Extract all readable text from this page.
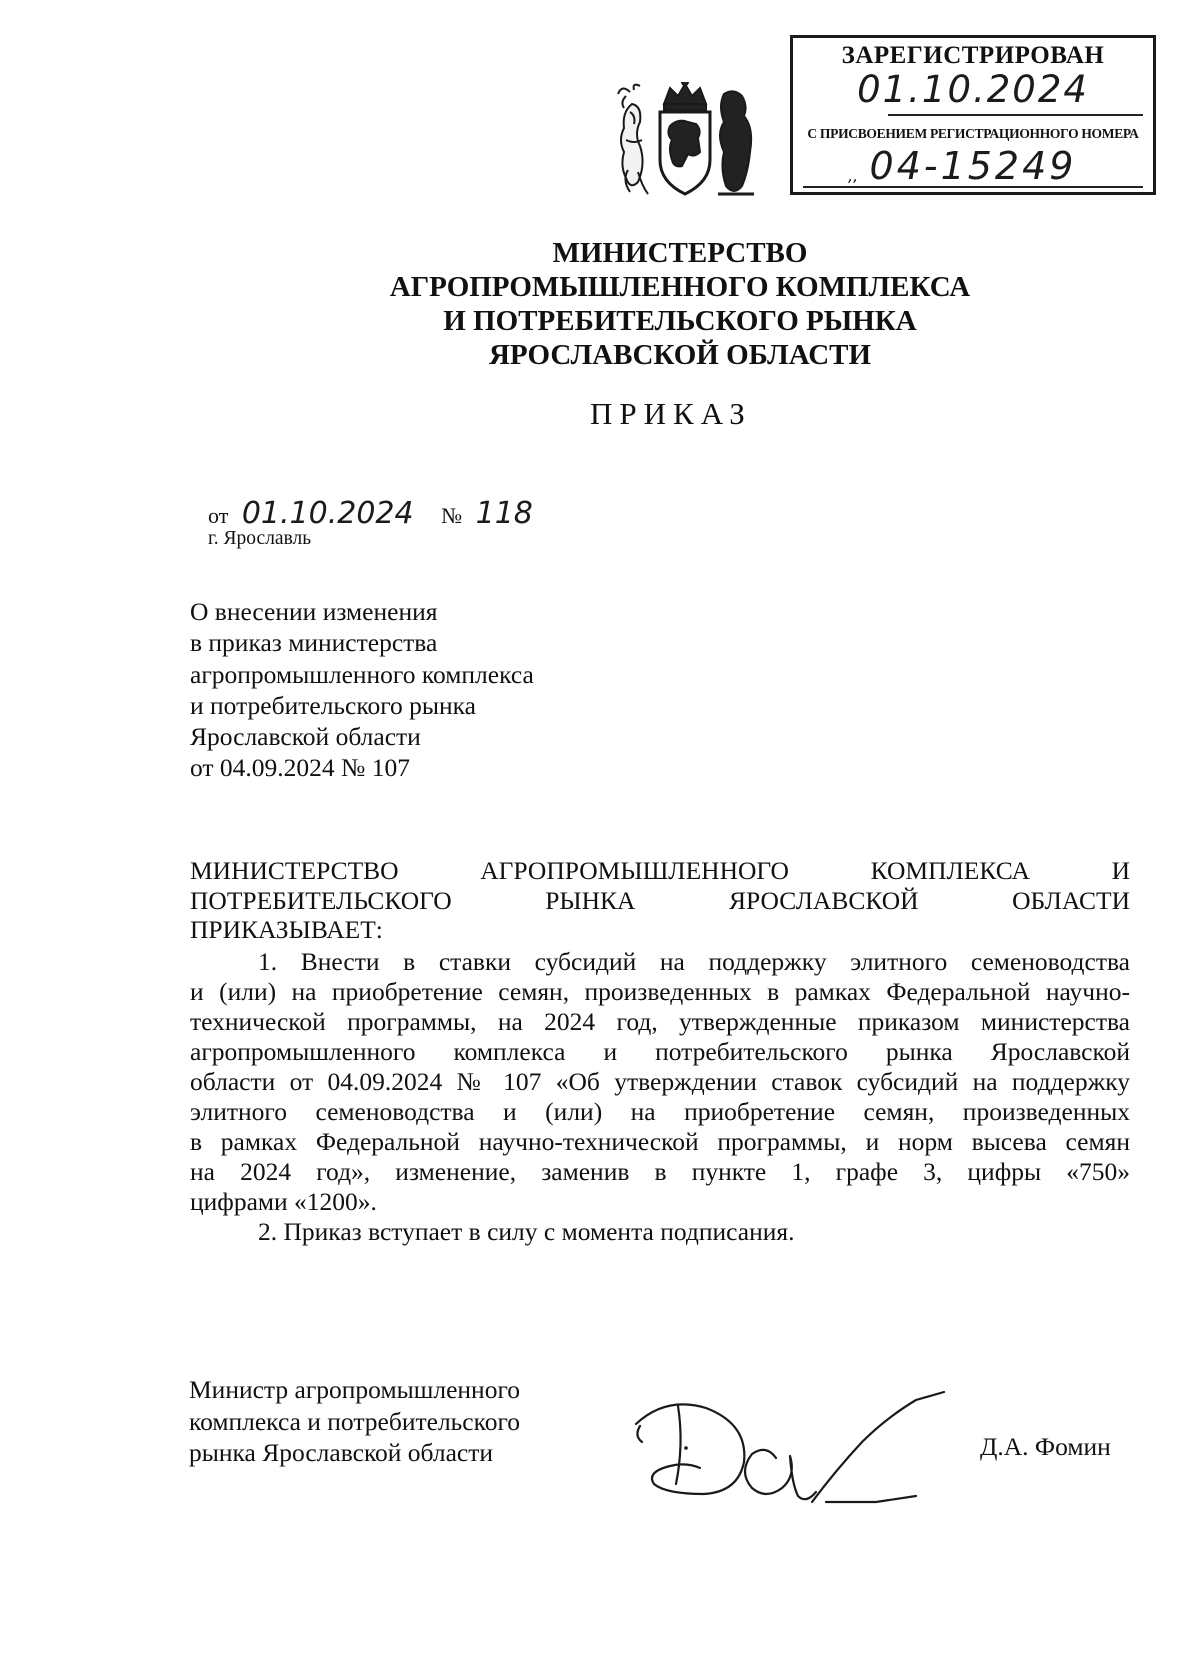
ЗАРЕГИСТРИРОВАН
01.10.2024
С ПРИСВОЕНИЕМ РЕГИСТРАЦИОННОГО НОМЕРА
,, 04-15249
МИНИСТЕРСТВО
АГРОПРОМЫШЛЕННОГО КОМПЛЕКСА
И ПОТРЕБИТЕЛЬСКОГО РЫНКА
ЯРОСЛАВСКОЙ ОБЛАСТИ
ПРИКАЗ
от 01.10.2024 № 118
г. Ярославль
О внесении изменения
в приказ министерства
агропромышленного комплекса
и потребительского рынка
Ярославской области
от 04.09.2024 № 107
МИНИСТЕРСТВО	АГРОПРОМЫШЛЕННОГО	КОМПЛЕКСА	И
ПОТРЕБИТЕЛЬСКОГО	РЫНКА	ЯРОСЛАВСКОЙ	ОБЛАСТИ
ПРИКАЗЫВАЕТ:
1. Внести в ставки субсидий на поддержку элитного семеноводства
и (или) на приобретение семян, произведенных в рамках Федеральной научно-
технической программы, на 2024 год, утвержденные приказом министерства
агропромышленного комплекса и потребительского рынка Ярославской
области от 04.09.2024 № 107 «Об утверждении ставок субсидий на поддержку
элитного семеноводства и (или) на приобретение семян, произведенных
в рамках Федеральной научно-технической программы, и норм высева семян
на 2024 год», изменение, заменив в пункте 1, графе 3, цифры «750»
цифрами «1200».
2. Приказ вступает в силу с момента подписания.
Министр агропромышленного
комплекса и потребительского
рынка Ярославской области	Д.А. Фомин
